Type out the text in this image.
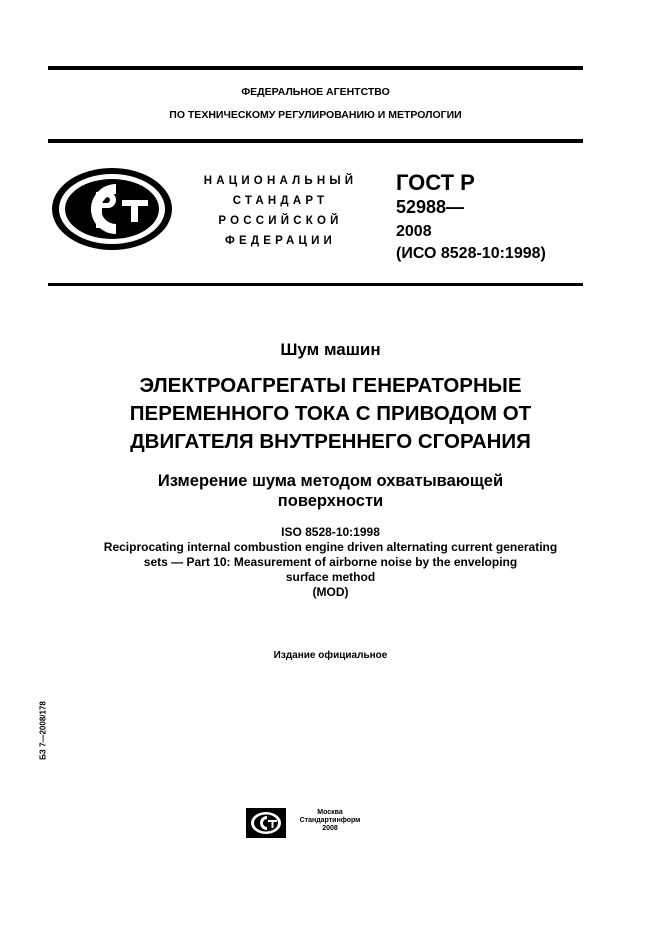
ФЕДЕРАЛЬНОЕ АГЕНТСТВО
ПО ТЕХНИЧЕСКОМУ РЕГУЛИРОВАНИЮ И МЕТРОЛОГИИ
НАЦИОНАЛЬНЫЙ
СТАНДАРТ
РОССИЙСКОЙ
ФЕДЕРАЦИИ
ГОСТ Р
52988—
2008
(ИСО 8528-10:1998)
Шум машин
ЭЛЕКТРОАГРЕГАТЫ ГЕНЕРАТОРНЫЕ
ПЕРЕМЕННОГО ТОКА С ПРИВОДОМ ОТ
ДВИГАТЕЛЯ ВНУТРЕННЕГО СГОРАНИЯ
Измерение шума методом охватывающей
поверхности
ISO 8528-10:1998
Reciprocating internal combustion engine driven alternating current generating
sets — Part 10: Measurement of airborne noise by the enveloping
surface method
(MOD)
Издание официальное
БЗ 7—2008/178
Москва
Стандартинформ
2008
